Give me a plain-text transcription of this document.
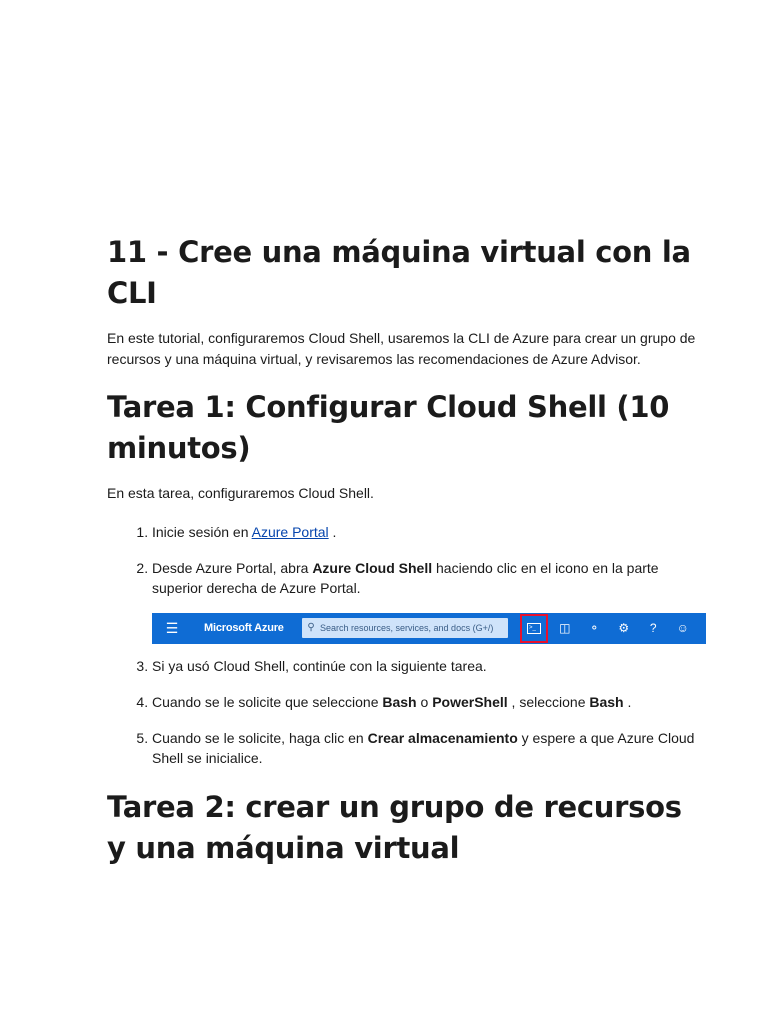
11 - Cree una máquina virtual con la CLI

En este tutorial, configuraremos Cloud Shell, usaremos la CLI de Azure para crear un grupo de recursos y una máquina virtual, y revisaremos las recomendaciones de Azure Advisor.

Tarea 1: Configurar Cloud Shell (10 minutos)

En esta tarea, configuraremos Cloud Shell.

1. Inicie sesión en Azure Portal .
2. Desde Azure Portal, abra Azure Cloud Shell haciendo clic en el icono en la parte superior derecha de Azure Portal.
☰	Microsoft Azure	⚲ Search resources, services, and docs (G+/)	>_	◫	⚬	⚙	?	☺
3. Si ya usó Cloud Shell, continúe con la siguiente tarea.
4. Cuando se le solicite que seleccione Bash o PowerShell , seleccione Bash .
5. Cuando se le solicite, haga clic en Crear almacenamiento y espere a que Azure Cloud Shell se inicialice.
Tarea 2: crear un grupo de recursos y una máquina virtual
